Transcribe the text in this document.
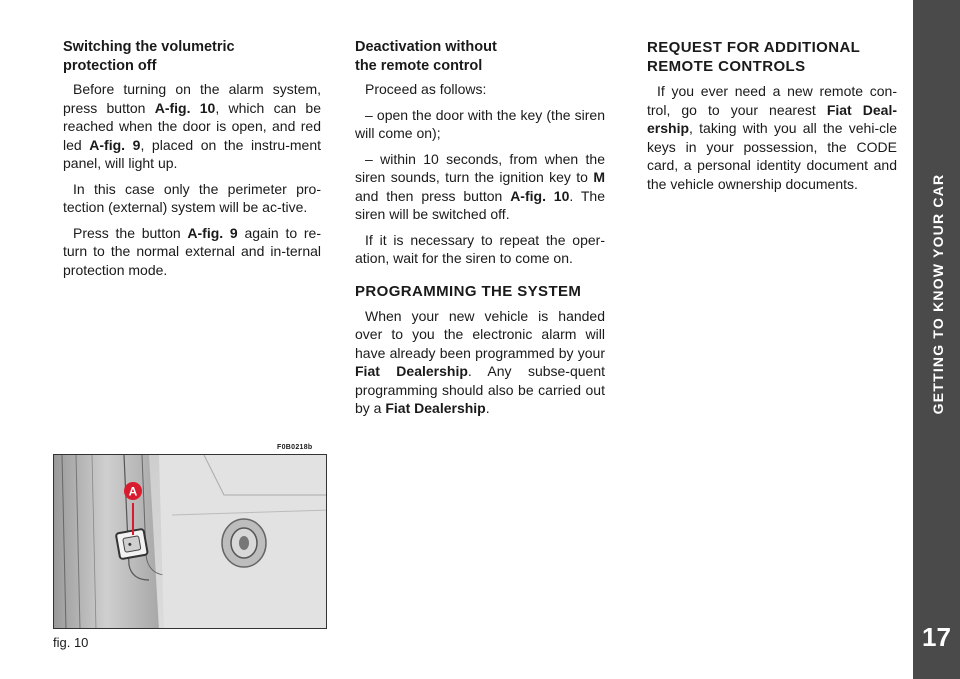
Switching the volumetric
protection off

Before turning on the alarm system, press button A-fig. 10, which can be reached when the door is open, and red led A-fig. 9, placed on the instru-ment panel, will light up.

In this case only the perimeter pro-tection (external) system will be ac-tive.

Press the button A-fig. 9 again to re-turn to the normal external and in-ternal protection mode.

Deactivation without
the remote control

Proceed as follows:

– open the door with the key (the siren will come on);

– within 10 seconds, from when the siren sounds, turn the ignition key to M and then press button A-fig. 10. The siren will be switched off.

If it is necessary to repeat the oper-ation, wait for the siren to come on.

PROGRAMMING THE SYSTEM

When your new vehicle is handed over to you the electronic alarm will have already been programmed by your Fiat Dealership. Any subse-quent programming should also be carried out by a Fiat Dealership.

REQUEST FOR ADDITIONAL
REMOTE CONTROLS

If you ever need a new remote con-trol, go to your nearest Fiat Deal-ership, taking with you all the vehi-cle keys in your possession, the CODE card, a personal identity document and the vehicle ownership documents.

F0B0218b
A
fig. 10
GETTING TO KNOW YOUR CAR
17
